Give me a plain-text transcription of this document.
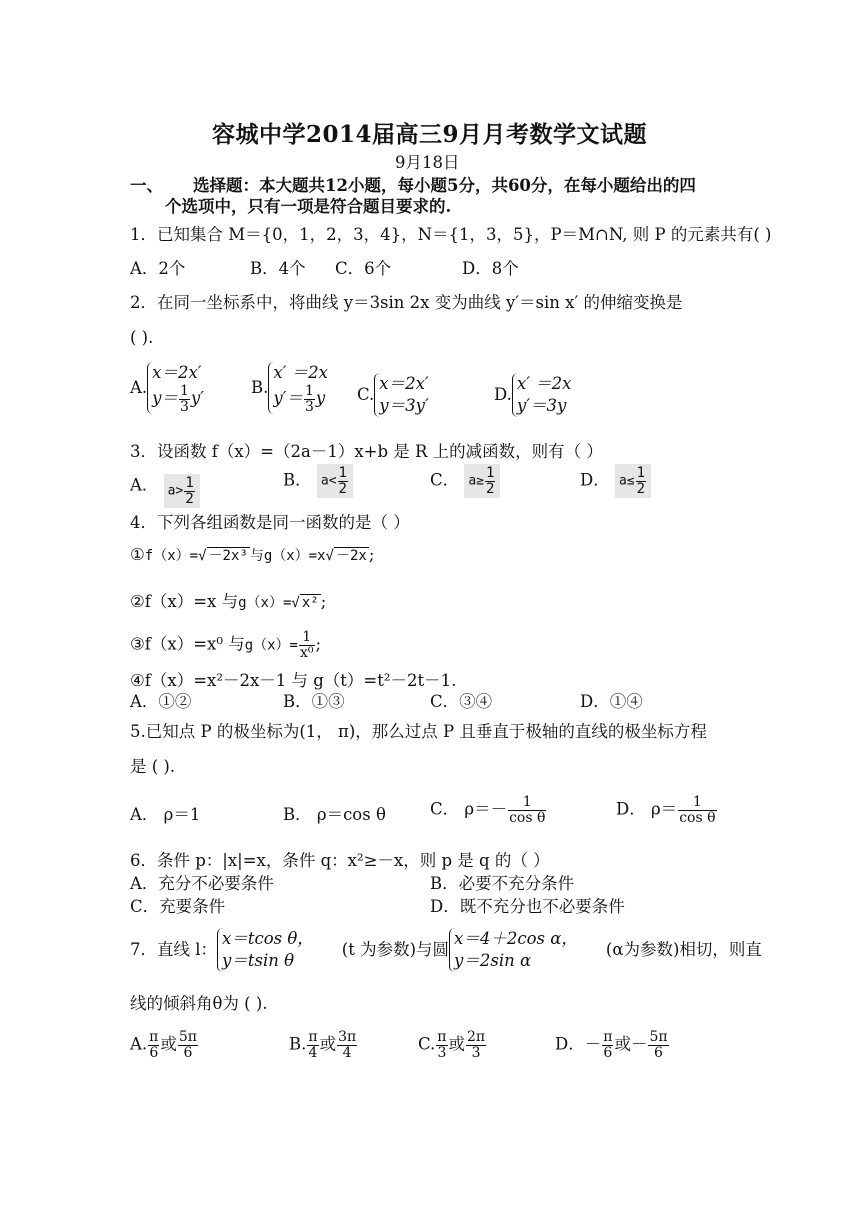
容城中学2014届高三9月月考数学文试题
9月18日
一、 选择题：本大题共12小题，每小题5分，共60分，在每小题给出的四
个选项中，只有一项是符合题目要求的.
1．已知集合 M＝{0，1，2，3，4}，N＝{1，3，5}，P＝M∩N, 则 P 的元素共有( )
A．2个	B．4个 C．6个	D．8个
2．在同一坐标系中，将曲线 y＝3sin 2x 变为曲线 y′＝sin x′ 的伸缩变换是
( ).
A.
x＝2x′
$y= \frac{1}{3} y'$
B.
x′ ＝2x
$y'= \frac{1}{3}$ y C.
x＝2x′
y＝3y′
D.
x′ ＝2x
y′＝3y
3．设函数 f（x）=（2a－1）x+b 是 R 上的减函数，则有（ ）
A． $a> \frac{1}{2}$	B． $a< \frac{1}{2}$	C． $a\ge \frac{1}{2}$	D． $a\le \frac{1}{2}$
4．下列各组函数是同一函数的是（ ）
①f（x）=√ －2x³ 与g（x）=x√ －2x ;
②f（x）=x 与g（x）=√ x² ;
③f（x）=x⁰ 与$g(x)= \frac{1}{\text{x⁰}}$ ;
④f（x）=x²－2x－1 与 g（t）=t²－2t－1.
A．①②	B．①③	C．③④	D．①④
5.已知点 P 的极坐标为(1， π)，那么过点 P 且垂直于极轴的直线的极坐标方程
是 ( ).
A． ρ＝1	B． ρ＝cos θ	C． $\rho=- \frac{1}{\text{cos θ}}$	D． $\rho= \frac{1}{\text{cos θ}}$
6．条件 p：|x|=x，条件 q：x²≥－x，则 p 是 q 的（ ）
A．充分不必要条件	B．必要不充分条件
C．充要条件	D．既不充分也不必要条件
7．直线 l：
x＝tcos θ，
y＝tsin θ
(t 为参数)与圆
x＝4＋2cos α，
y＝2sin α
(α为参数)相切，则直
线的倾斜角θ为 ( ).
A. $\frac{\pi}{6}$ 或 $\frac{5\pi}{6}$	B. $\frac{\pi}{4}$ 或 $\frac{3\pi}{4}$	C. $\frac{\pi}{3}$ 或 $\frac{2\pi}{3}$	D．－ $\frac{\pi}{6}$ 或－ $\frac{5\pi}{6}$
